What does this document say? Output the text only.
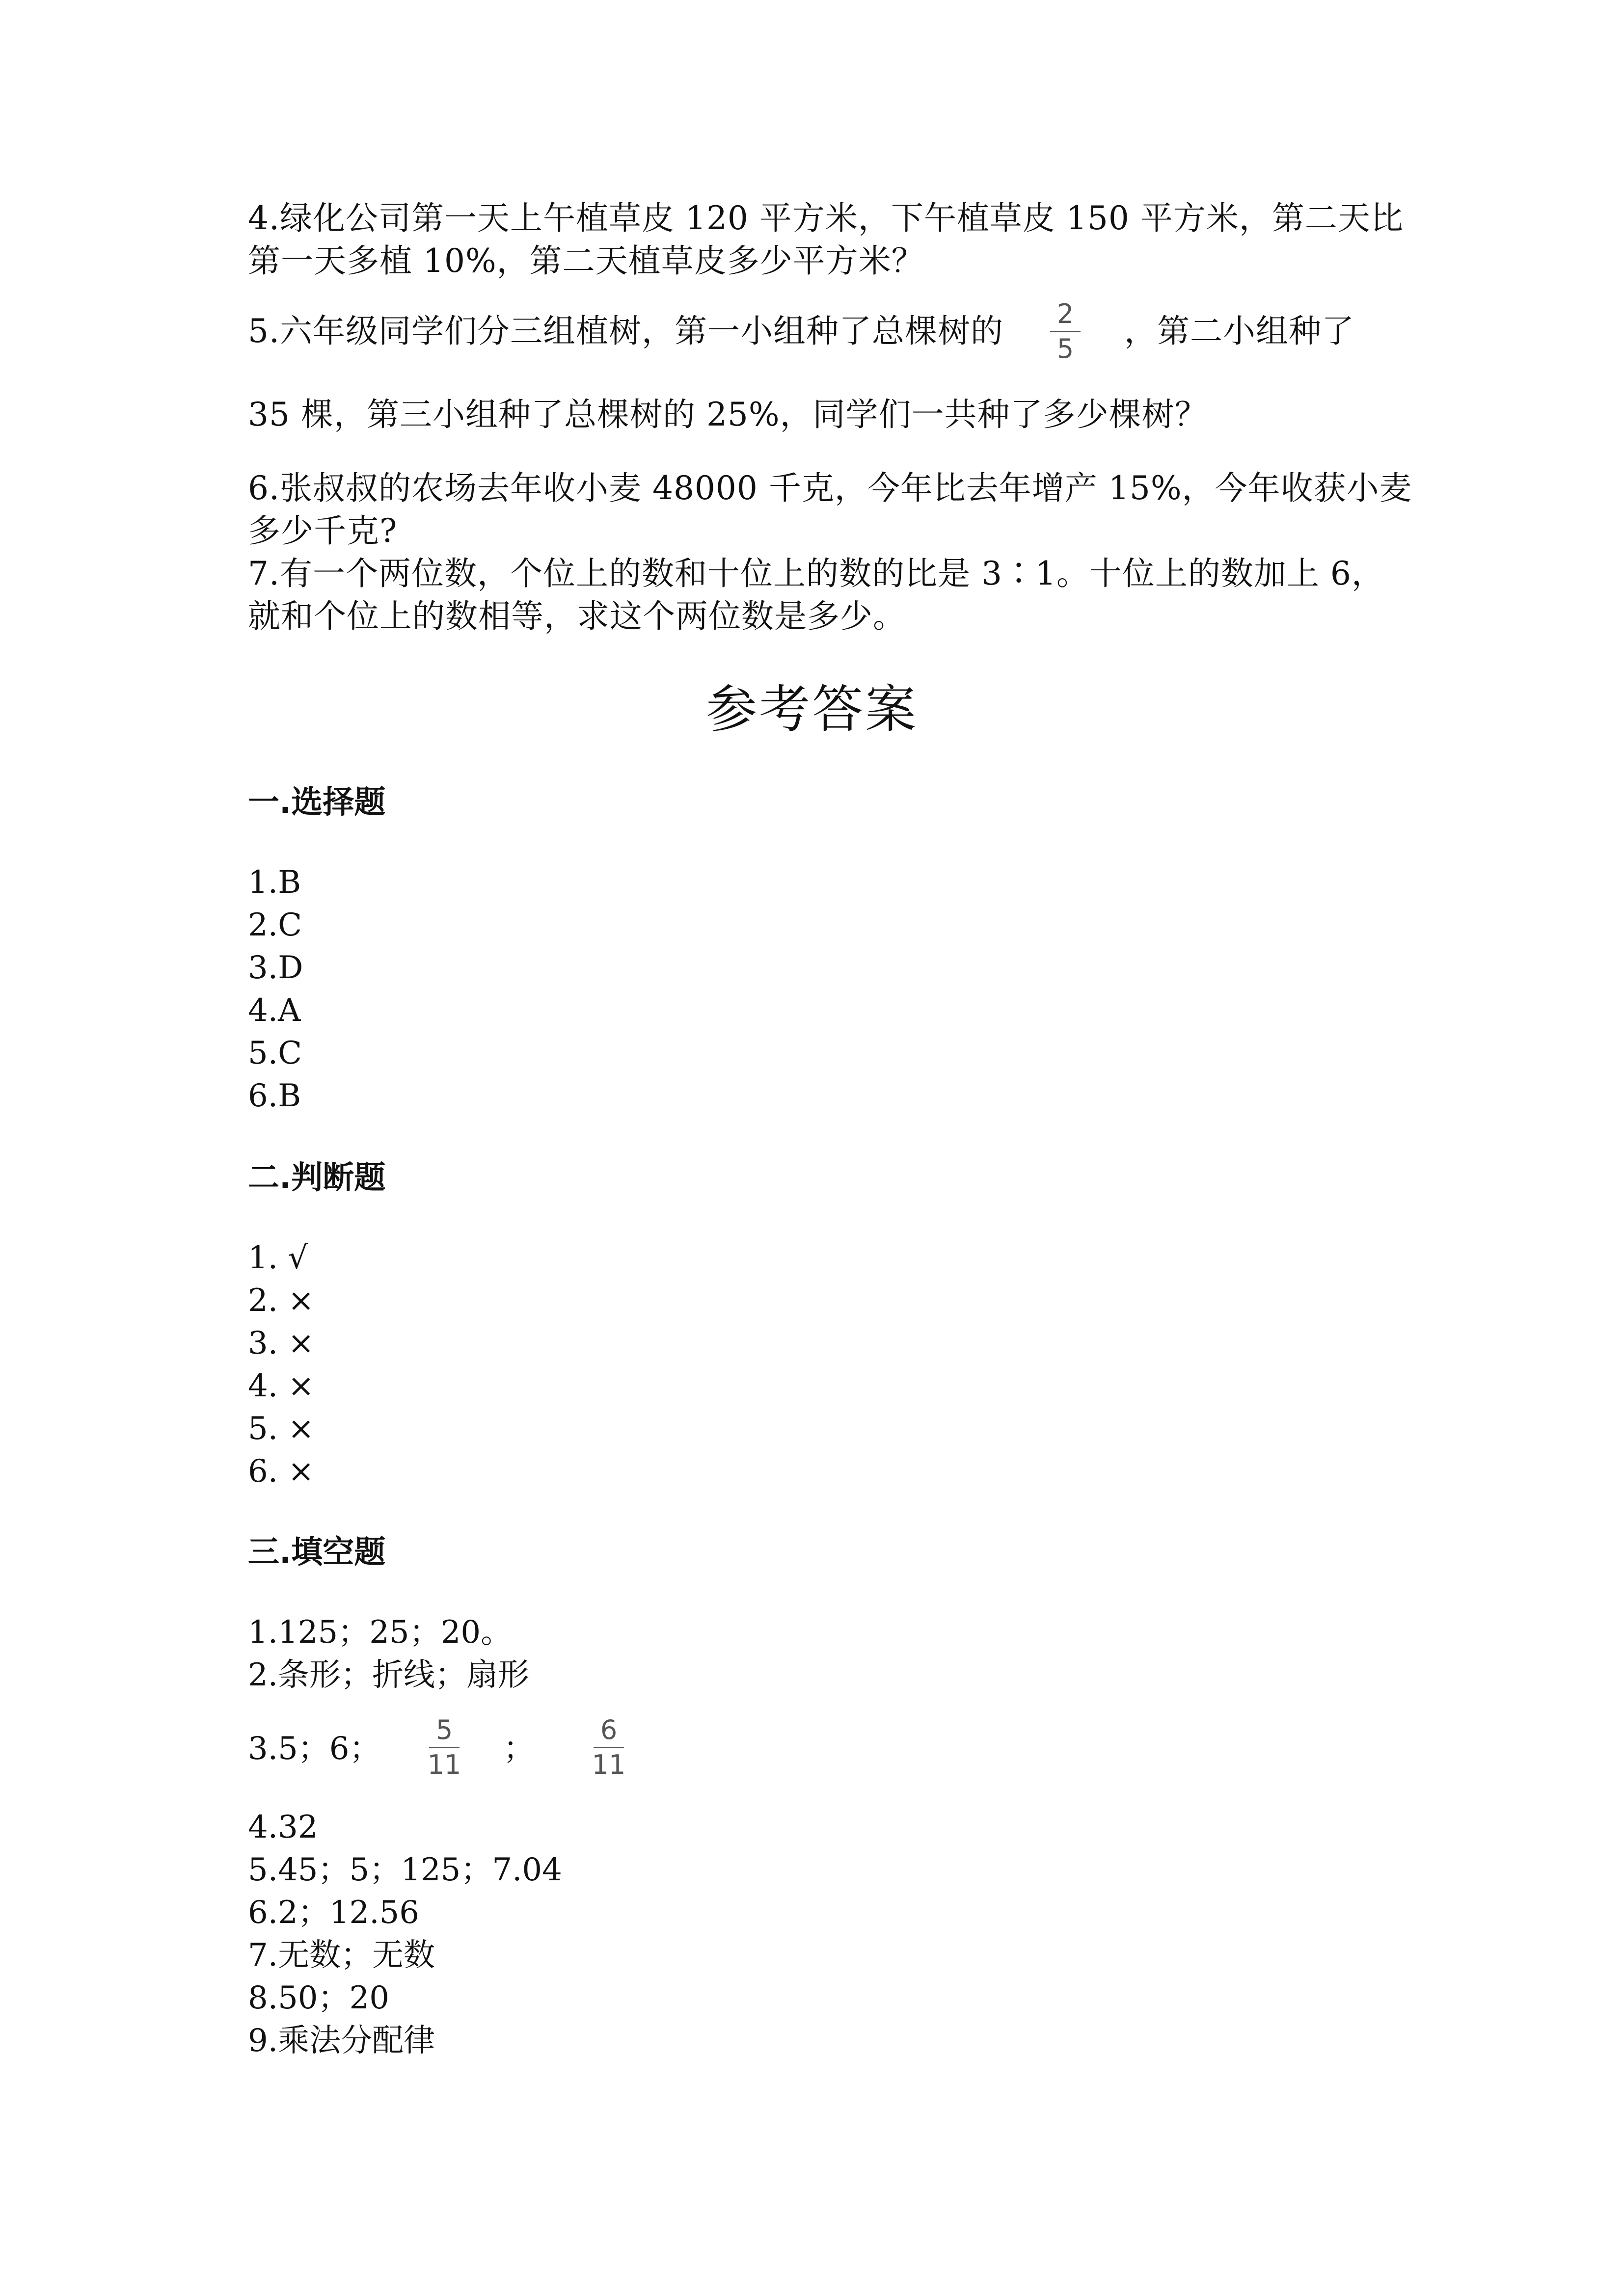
4.绿化公司第一天上午植草皮 120 平方米，下午植草皮 150 平方米，第二天比
第一天多植 10%，第二天植草皮多少平方米？
5.六年级同学们分三组植树，第一小组种了总棵树的	2
5	，第二小组种了
35 棵，第三小组种了总棵树的 25%，同学们一共种了多少棵树？
6.张叔叔的农场去年收小麦 48000 千克，今年比去年增产 15%，今年收获小麦
多少千克?
7.有一个两位数，个位上的数和十位上的数的比是 3∶1。十位上的数加上 6，
就和个位上的数相等，求这个两位数是多少。
参考答案
一.选择题
1.B
2.C
3.D
4.A
5.C
6.B
二.判断题
1. √
2. ×
3. ×
4. ×
5. ×
6. ×
三.填空题
1.125；25；20。
2.条形；折线；扇形
3.5；6；
5
11 ；
6
11
4.32
5.45；5；125；7.04
6.2；12.56
7.无数；无数
8.50；20
9.乘法分配律
